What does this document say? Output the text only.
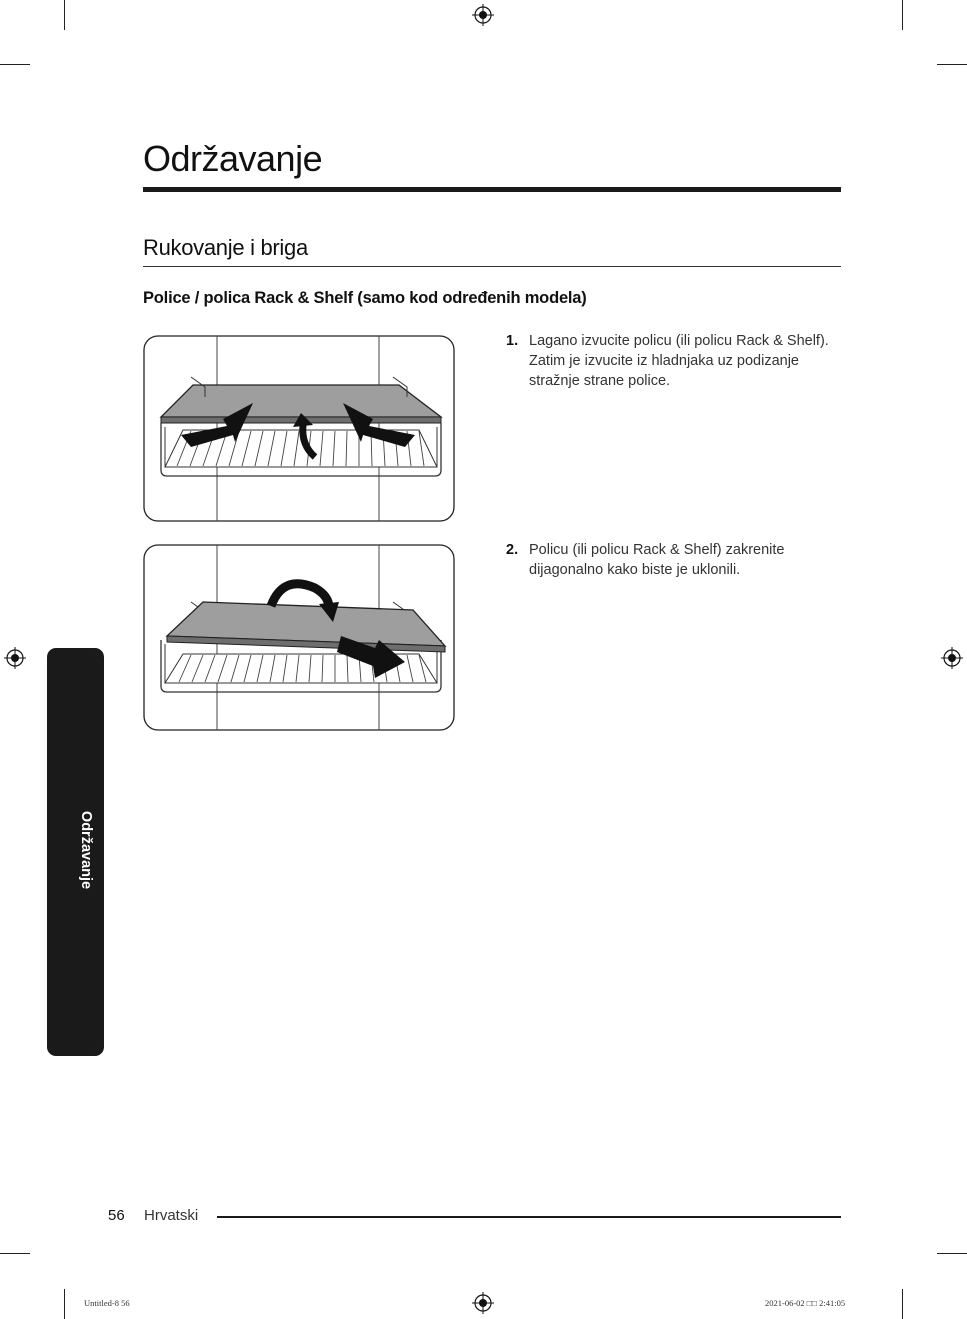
Održavanje
Rukovanje i briga
Police / polica Rack & Shelf (samo kod određenih modela)
1. Lagano izvucite policu (ili policu Rack & Shelf). Zatim je izvucite iz hladnjaka uz podizanje stražnje strane police.
2. Policu (ili policu Rack & Shelf) zakrenite dijagonalno kako biste je uklonili.
Održavanje
56 Hrvatski
Untitled-8 56	2021-06-02 □□ 2:41:05
